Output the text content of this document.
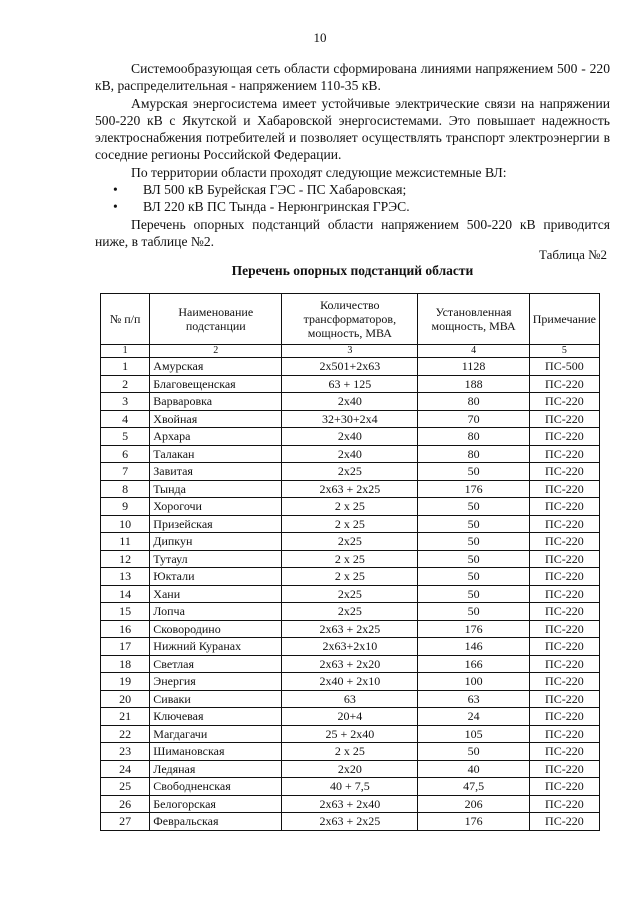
10

Системообразующая сеть области сформирована линиями напряжением 500 - 220 кВ, распределительная - напряжением 110-35 кВ.

Амурская энергосистема имеет устойчивые электрические связи на напряжении 500-220 кВ с Якутской и Хабаровской энергосистемами. Это повышает надежность электроснабжения потребителей и позволяет осуществлять транспорт электроэнергии в соседние регионы Российской Федерации.

По территории области проходят следующие межсистемные ВЛ:

• ВЛ 500 кВ Бурейская ГЭС - ПС Хабаровская;
• ВЛ 220 кВ ПС Тында - Нерюнгринская ГРЭС.

Перечень опорных подстанций области напряжением 500-220 кВ приводится ниже, в таблице №2.

Таблица №2
Перечень опорных подстанций области
№ п/п	Наименование подстанции	Количество трансформаторов, мощность, МВА	Установленная мощность, МВА	Примечание
1	2	3	4	5
1	Амурская	2х501+2х63	1128	ПС-500
2	Благовещенская	63 + 125	188	ПС-220
3	Варваровка	2х40	80	ПС-220
4	Хвойная	32+30+2х4	70	ПС-220
5	Архара	2х40	80	ПС-220
6	Талакан	2х40	80	ПС-220
7	Завитая	2х25	50	ПС-220
8	Тында	2х63 + 2х25	176	ПС-220
9	Хорогочи	2 х 25	50	ПС-220
10	Призейская	2 х 25	50	ПС-220
11	Дипкун	2х25	50	ПС-220
12	Тутаул	2 х 25	50	ПС-220
13	Юктали	2 х 25	50	ПС-220
14	Хани	2х25	50	ПС-220
15	Лопча	2х25	50	ПС-220
16	Сковородино	2х63 + 2х25	176	ПС-220
17	Нижний Куранах	2х63+2х10	146	ПС-220
18	Светлая	2х63 + 2х20	166	ПС-220
19	Энергия	2х40 + 2х10	100	ПС-220
20	Сиваки	63	63	ПС-220
21	Ключевая	20+4	24	ПС-220
22	Магдагачи	25 + 2х40	105	ПС-220
23	Шимановская	2 х 25	50	ПС-220
24	Ледяная	2х20	40	ПС-220
25	Свободненская	40 + 7,5	47,5	ПС-220
26	Белогорская	2х63 + 2х40	206	ПС-220
27	Февральская	2х63 + 2х25	176	ПС-220
